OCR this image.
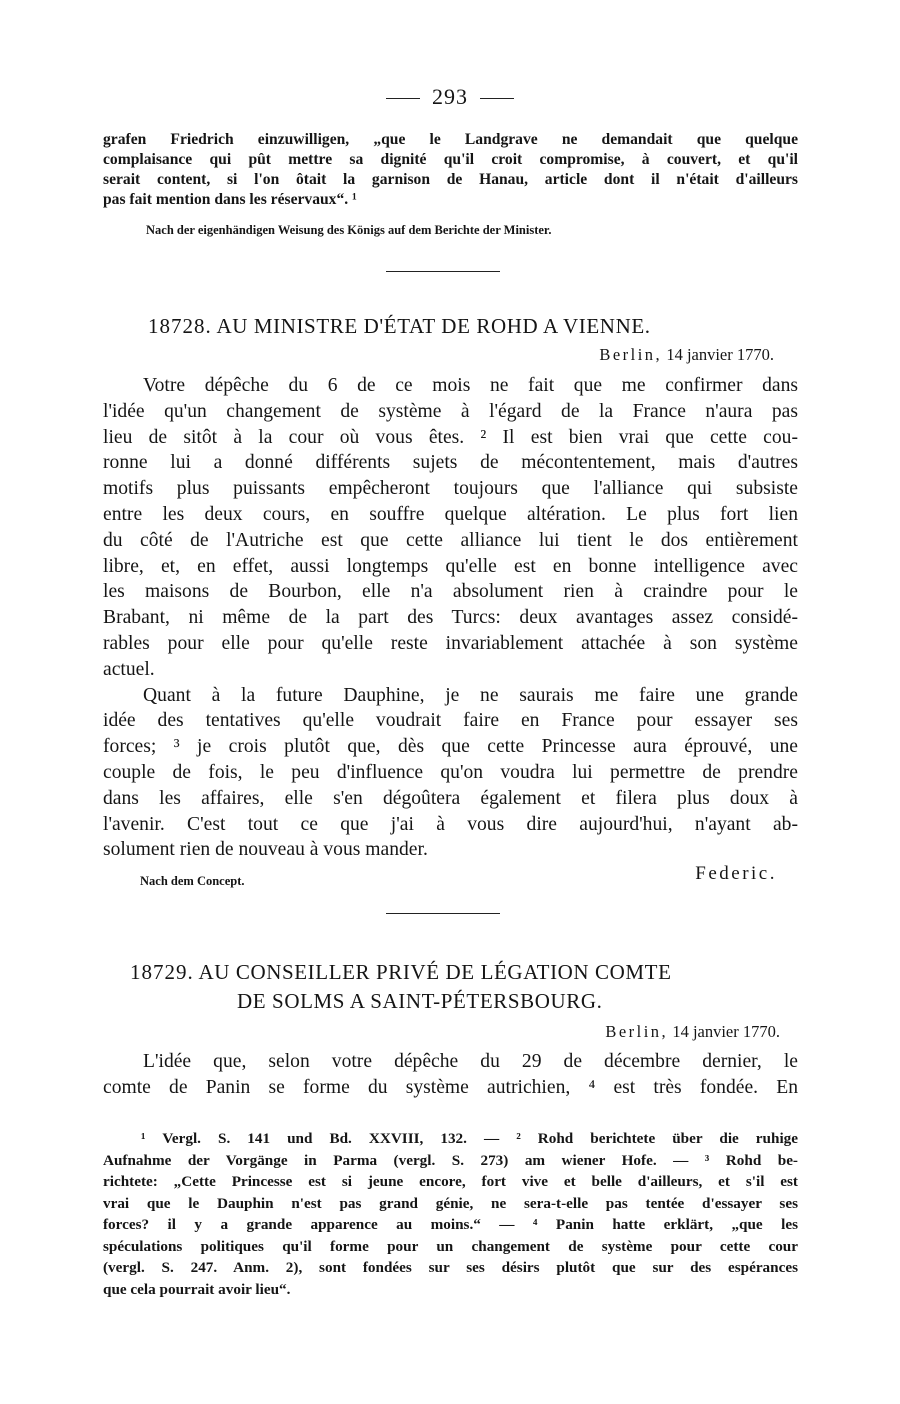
293
grafen Friedrich einzuwilligen, „que le Landgrave ne demandait que quelque
complaisance qui pût mettre sa dignité qu'il croit compromise, à couvert, et qu'il
serait content, si l'on ôtait la garnison de Hanau, article dont il n'était d'ailleurs
pas fait mention dans les réservaux“. ¹
Nach der eigenhändigen Weisung des Königs auf dem Berichte der Minister.
18728. AU MINISTRE D'ÉTAT DE ROHD A VIENNE.
Berlin, 14 janvier 1770.
Votre dépêche du 6 de ce mois ne fait que me confirmer dans
l'idée qu'un changement de système à l'égard de la France n'aura pas
lieu de sitôt à la cour où vous êtes. ² Il est bien vrai que cette cou-
ronne lui a donné différents sujets de mécontentement, mais d'autres
motifs plus puissants empêcheront toujours que l'alliance qui subsiste
entre les deux cours, en souffre quelque altération. Le plus fort lien
du côté de l'Autriche est que cette alliance lui tient le dos entièrement
libre, et, en effet, aussi longtemps qu'elle est en bonne intelligence avec
les maisons de Bourbon, elle n'a absolument rien à craindre pour le
Brabant, ni même de la part des Turcs: deux avantages assez considé-
rables pour elle pour qu'elle reste invariablement attachée à son système
actuel.
Quant à la future Dauphine, je ne saurais me faire une grande
idée des tentatives qu'elle voudrait faire en France pour essayer ses
forces; ³ je crois plutôt que, dès que cette Princesse aura éprouvé, une
couple de fois, le peu d'influence qu'on voudra lui permettre de prendre
dans les affaires, elle s'en dégoûtera également et filera plus doux à
l'avenir. C'est tout ce que j'ai à vous dire aujourd'hui, n'ayant ab-
solument rien de nouveau à vous mander.
Nach dem Concept.	Federic.
18729. AU CONSEILLER PRIVÉ DE LÉGATION COMTE
DE SOLMS A SAINT-PÉTERSBOURG.
Berlin, 14 janvier 1770.
L'idée que, selon votre dépêche du 29 de décembre dernier, le
comte de Panin se forme du système autrichien, ⁴ est très fondée. En
¹ Vergl. S. 141 und Bd. XXVIII, 132. — ² Rohd berichtete über die ruhige
Aufnahme der Vorgänge in Parma (vergl. S. 273) am wiener Hofe. — ³ Rohd be-
richtete: „Cette Princesse est si jeune encore, fort vive et belle d'ailleurs, et s'il est
vrai que le Dauphin n'est pas grand génie, ne sera-t-elle pas tentée d'essayer ses
forces? il y a grande apparence au moins.“ — ⁴ Panin hatte erklärt, „que les
spéculations politiques qu'il forme pour un changement de système pour cette cour
(vergl. S. 247. Anm. 2), sont fondées sur ses désirs plutôt que sur des espérances
que cela pourrait avoir lieu“.
